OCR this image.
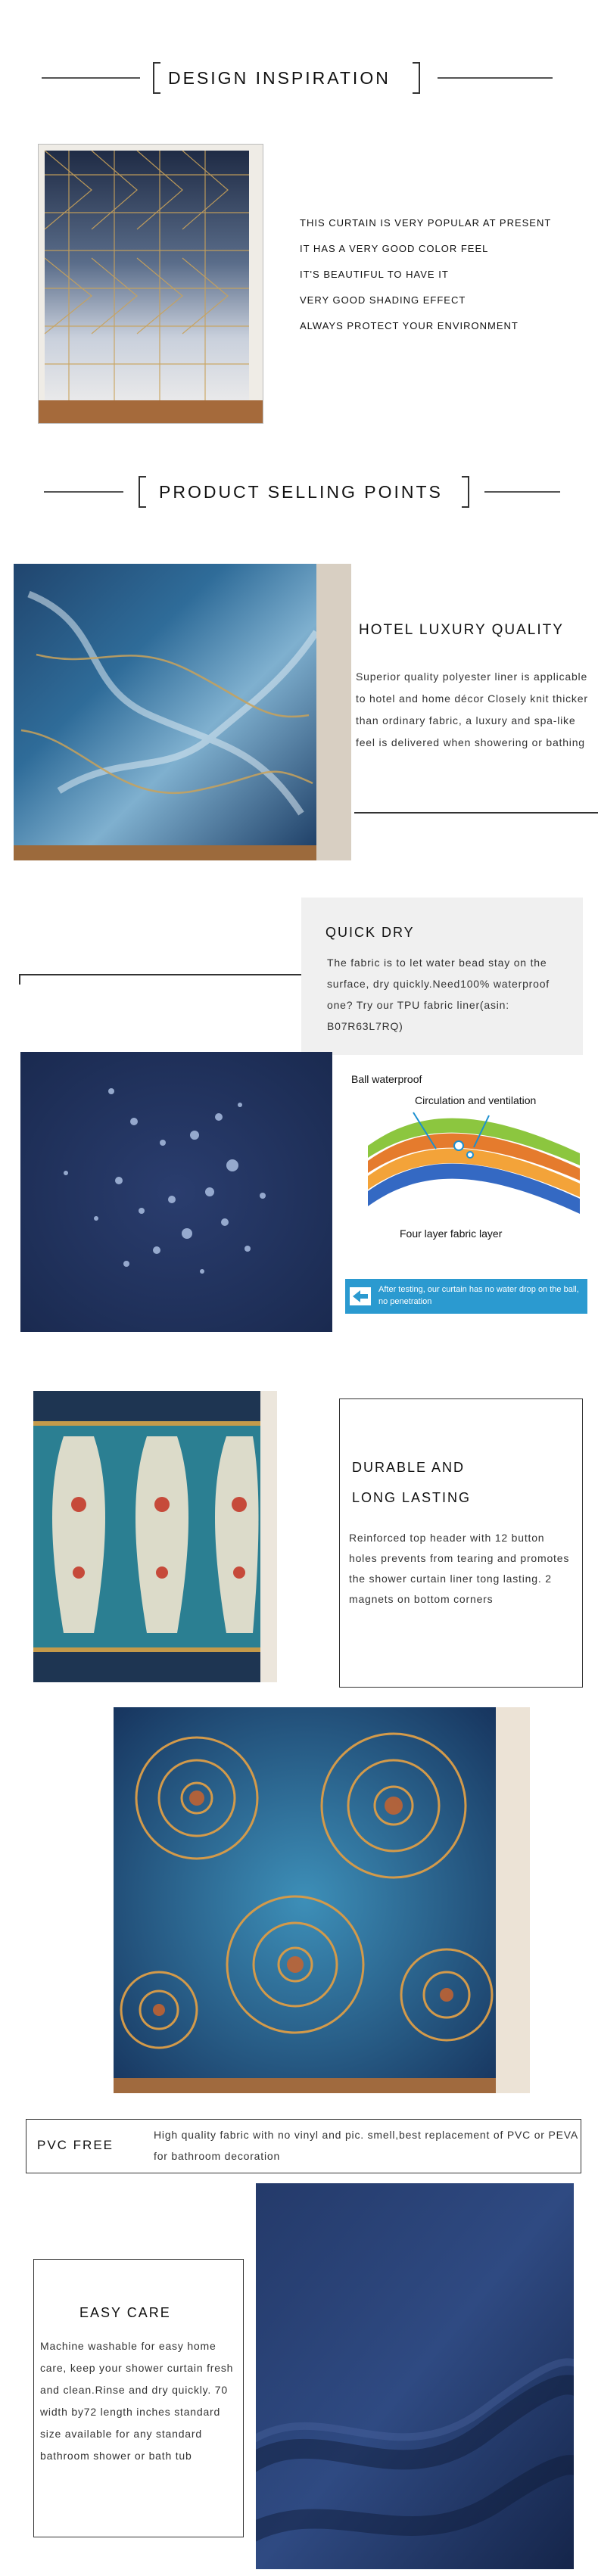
DESIGN INSPIRATION
THIS CURTAIN IS VERY POPULAR AT PRESENT
IT HAS A VERY GOOD COLOR FEEL
IT'S BEAUTIFUL TO HAVE IT
VERY GOOD SHADING EFFECT
ALWAYS PROTECT YOUR ENVIRONMENT
PRODUCT SELLING POINTS
HOTEL LUXURY QUALITY
Superior quality polyester liner is applicable to hotel and home décor Closely knit thicker than ordinary fabric, a luxury and spa-like feel is delivered when showering or bathing
QUICK DRY
The fabric is to let water bead stay on the surface, dry quickly.Need100% waterproof one? Try our TPU fabric liner(asin: B07R63L7RQ)
Ball waterproof
Circulation and ventilation
Four layer fabric layer
After testing, our curtain has no water drop on the ball, no penetration
DURABLE AND
LONG LASTING
Reinforced top header with 12 button holes prevents from tearing and promotes the shower curtain liner tong lasting. 2 magnets on bottom corners
PVC FREE
High quality fabric with no vinyl and pic. smell,best replacement of PVC or PEVA for bathroom decoration
EASY CARE
Machine washable for easy home care, keep your shower curtain fresh and clean.Rinse and dry quickly. 70 width by72 length inches standard size available for any standard bathroom shower or bath tub
